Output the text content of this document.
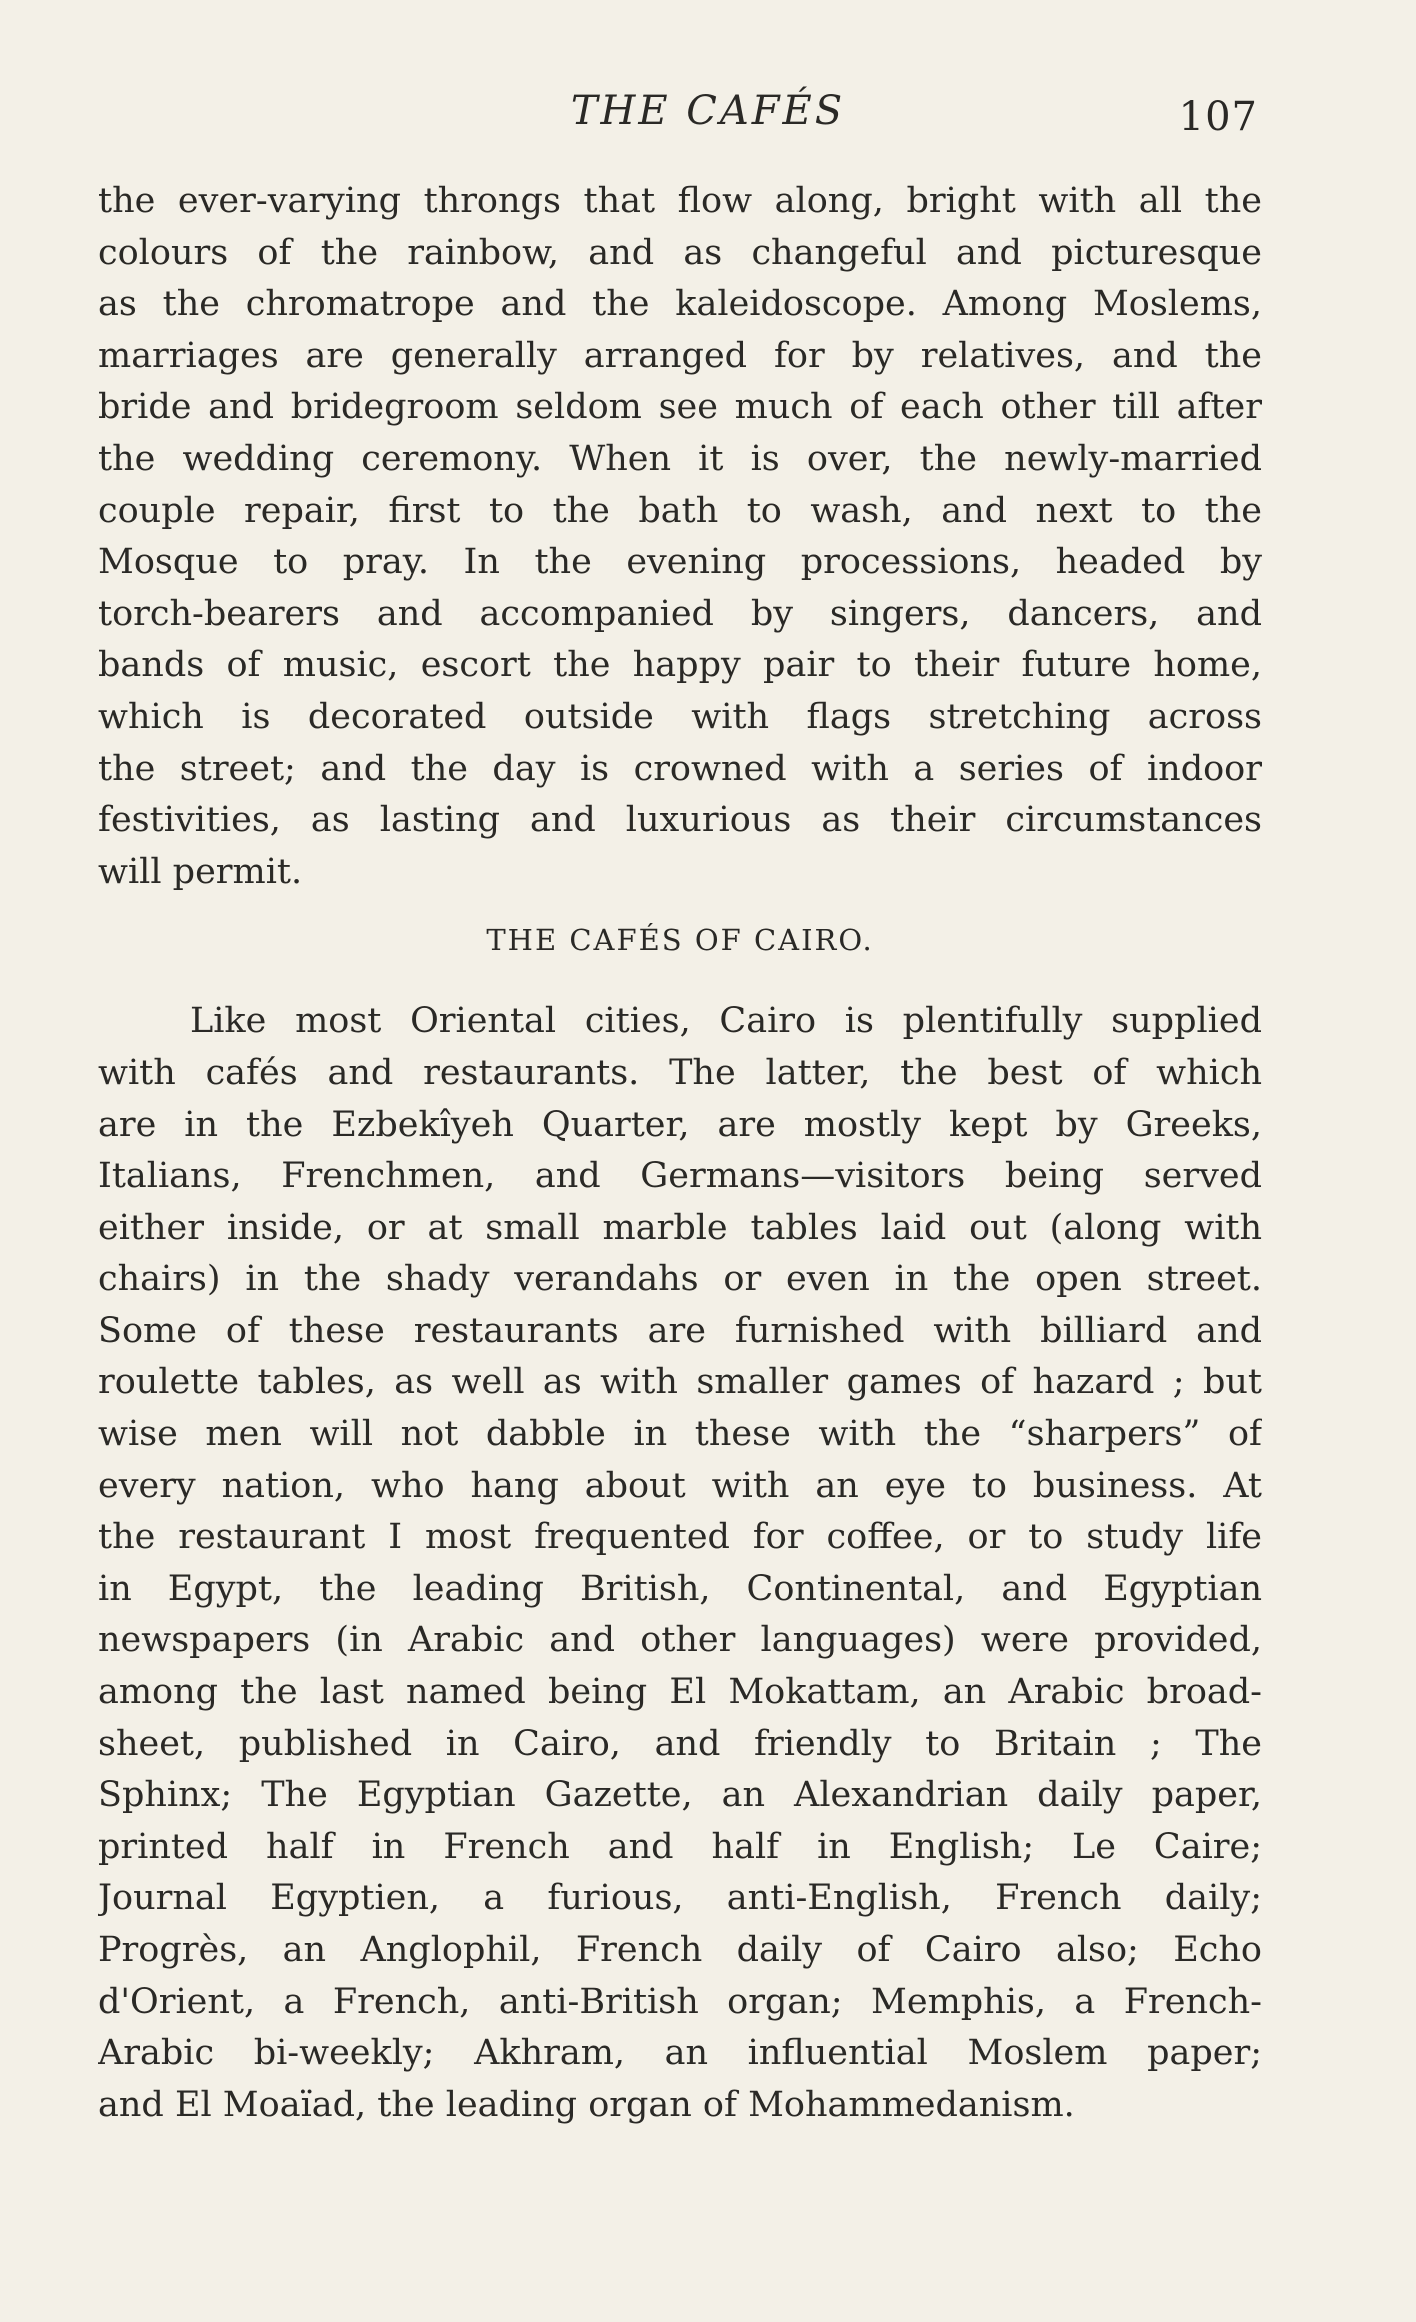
THE CAFÉS	107
the ever-varying throngs that flow along, bright with all the
colours of the rainbow, and as changeful and picturesque
as the chromatrope and the kaleidoscope. Among Moslems,
marriages are generally arranged for by relatives, and the
bride and bridegroom seldom see much of each other till after
the wedding ceremony. When it is over, the newly-married
couple repair, first to the bath to wash, and next to the
Mosque to pray. In the evening processions, headed by
torch-bearers and accompanied by singers, dancers, and
bands of music, escort the happy pair to their future home,
which is decorated outside with flags stretching across
the street; and the day is crowned with a series of indoor
festivities, as lasting and luxurious as their circumstances
will permit.
THE CAFÉS OF CAIRO.
Like most Oriental cities, Cairo is plentifully supplied
with cafés and restaurants. The latter, the best of which
are in the Ezbekîyeh Quarter, are mostly kept by Greeks,
Italians, Frenchmen, and Germans—visitors being served
either inside, or at small marble tables laid out (along with
chairs) in the shady verandahs or even in the open street.
Some of these restaurants are furnished with billiard and
roulette tables, as well as with smaller games of hazard ; but
wise men will not dabble in these with the “sharpers” of
every nation, who hang about with an eye to business. At
the restaurant I most frequented for coffee, or to study life
in Egypt, the leading British, Continental, and Egyptian
newspapers (in Arabic and other languages) were provided,
among the last named being El Mokattam, an Arabic broad-
sheet, published in Cairo, and friendly to Britain ; The
Sphinx; The Egyptian Gazette, an Alexandrian daily paper,
printed half in French and half in English; Le Caire;
Journal Egyptien, a furious, anti-English, French daily;
Progrès, an Anglophil, French daily of Cairo also; Echo
d'Orient, a French, anti-British organ; Memphis, a French-
Arabic bi-weekly; Akhram, an influential Moslem paper;
and El Moaïad, the leading organ of Mohammedanism.
